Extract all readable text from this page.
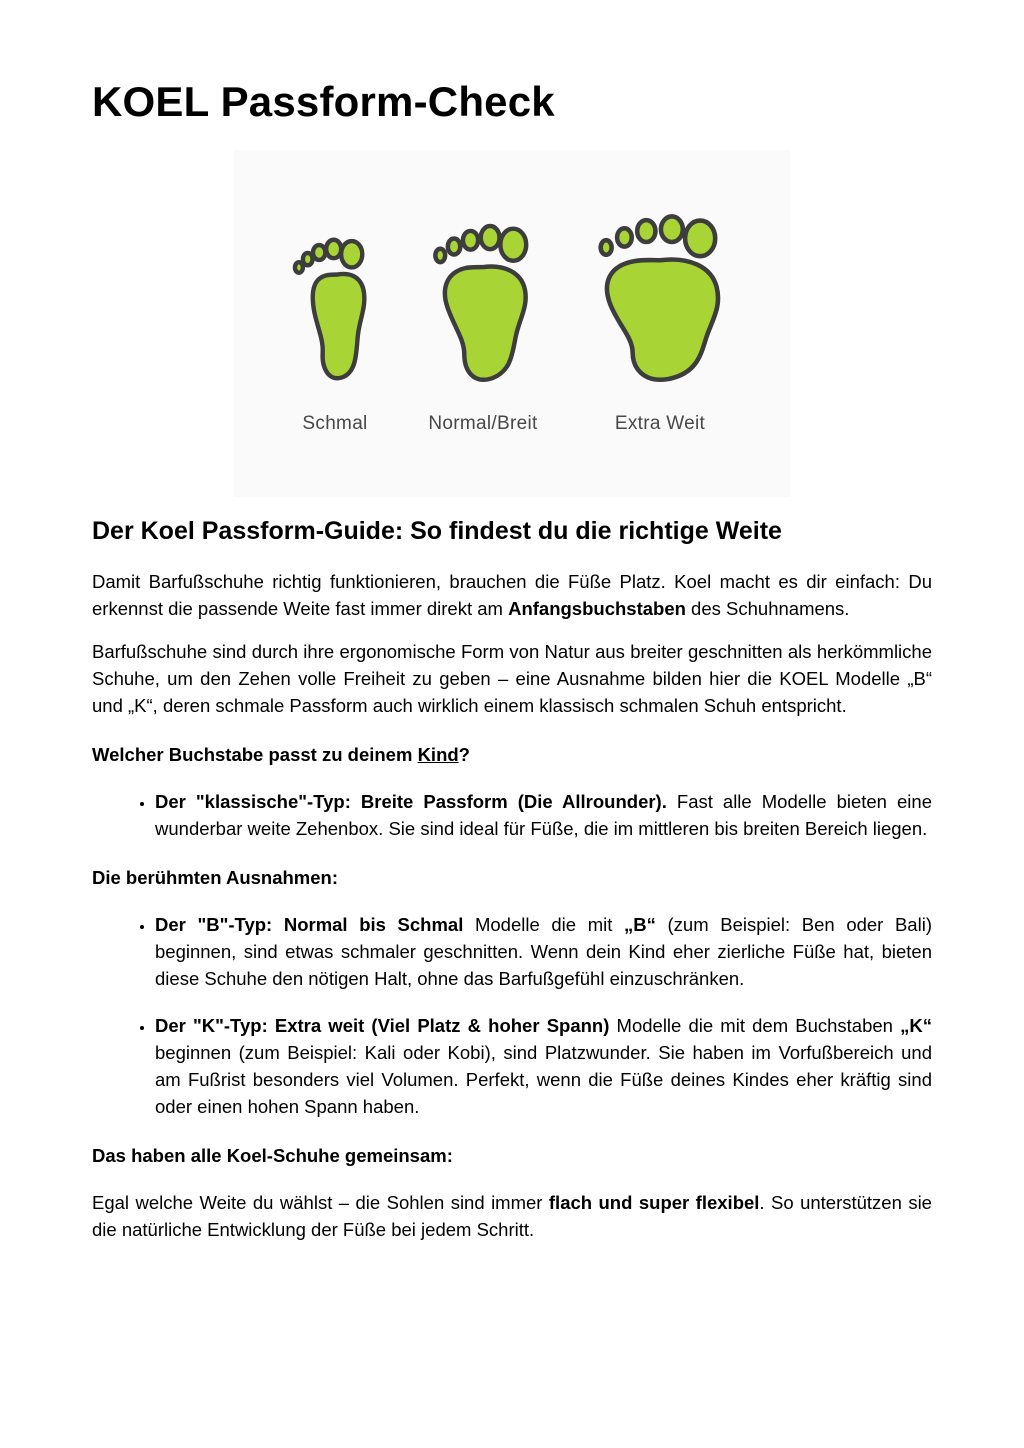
KOEL Passform-Check
Schmal	Normal/Breit	Extra Weit
Der Koel Passform-Guide: So findest du die richtige Weite

Damit Barfußschuhe richtig funktionieren, brauchen die Füße Platz. Koel macht es dir einfach: Du erkennst die passende Weite fast immer direkt am Anfangsbuchstaben des Schuhnamens.

Barfußschuhe sind durch ihre ergonomische Form von Natur aus breiter geschnitten als herkömmliche Schuhe, um den Zehen volle Freiheit zu geben – eine Ausnahme bilden hier die KOEL Modelle „B“ und „K“, deren schmale Passform auch wirklich einem klassisch schmalen Schuh entspricht.

Welcher Buchstabe passt zu deinem Kind?
• Der "klassische"-Typ: Breite Passform (Die Allrounder). Fast alle Modelle bieten eine wunderbar weite Zehenbox. Sie sind ideal für Füße, die im mittleren bis breiten Bereich liegen.
Die berühmten Ausnahmen:
• Der "B"-Typ: Normal bis Schmal Modelle die mit „B“ (zum Beispiel: Ben oder Bali) beginnen, sind etwas schmaler geschnitten. Wenn dein Kind eher zierliche Füße hat, bieten diese Schuhe den nötigen Halt, ohne das Barfußgefühl einzuschränken.
• Der "K"-Typ: Extra weit (Viel Platz & hoher Spann) Modelle die mit dem Buchstaben „K“ beginnen (zum Beispiel: Kali oder Kobi), sind Platzwunder. Sie haben im Vorfußbereich und am Fußrist besonders viel Volumen. Perfekt, wenn die Füße deines Kindes eher kräftig sind oder einen hohen Spann haben.
Das haben alle Koel-Schuhe gemeinsam:

Egal welche Weite du wählst – die Sohlen sind immer flach und super flexibel. So unterstützen sie die natürliche Entwicklung der Füße bei jedem Schritt.
